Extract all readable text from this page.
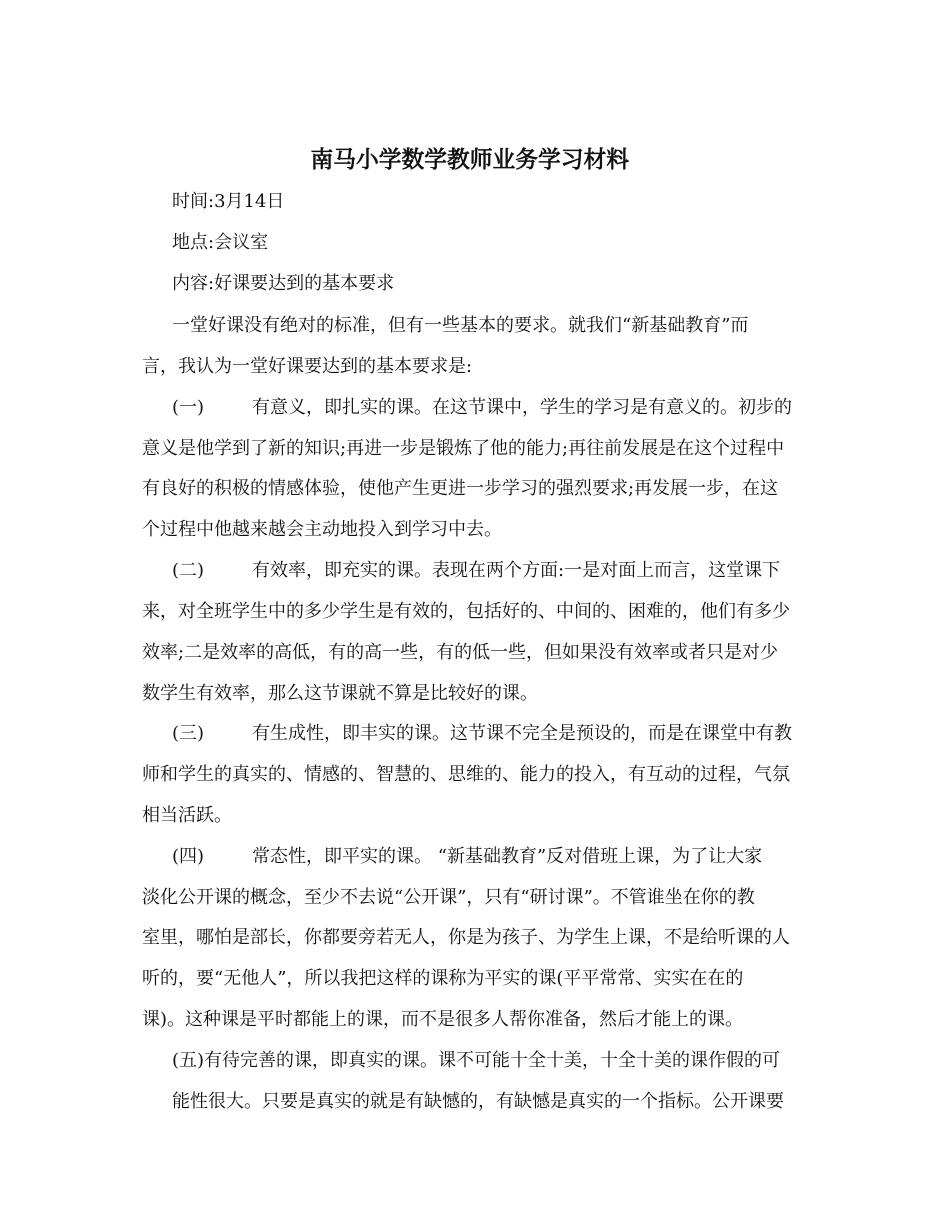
南马小学数学教师业务学习材料
时间:3月14日
地点:会议室
内容:好课要达到的基本要求
一堂好课没有绝对的标准，但有一些基本的要求。就我们“新基础教育”而
言，我认为一堂好课要达到的基本要求是:
(一)	有意义，即扎实的课。在这节课中，学生的学习是有意义的。初步的
意义是他学到了新的知识;再进一步是锻炼了他的能力;再往前发展是在这个过程中
有良好的积极的情感体验，使他产生更进一步学习的强烈要求;再发展一步，在这
个过程中他越来越会主动地投入到学习中去。
(二)	有效率，即充实的课。表现在两个方面:一是对面上而言，这堂课下
来，对全班学生中的多少学生是有效的，包括好的、中间的、困难的，他们有多少
效率;二是效率的高低，有的高一些，有的低一些，但如果没有效率或者只是对少
数学生有效率，那么这节课就不算是比较好的课。
(三)	有生成性，即丰实的课。这节课不完全是预设的，而是在课堂中有教
师和学生的真实的、情感的、智慧的、思维的、能力的投入，有互动的过程，气氛
相当活跃。
(四)	常态性，即平实的课。 “新基础教育”反对借班上课，为了让大家
淡化公开课的概念，至少不去说“公开课”，只有“研讨课”。不管谁坐在你的教
室里，哪怕是部长，你都要旁若无人，你是为孩子、为学生上课，不是给听课的人
听的，要“无他人”，所以我把这样的课称为平实的课(平平常常、实实在在的
课)。这种课是平时都能上的课，而不是很多人帮你准备，然后才能上的课。
(五)有待完善的课，即真实的课。课不可能十全十美，十全十美的课作假的可
能性很大。只要是真实的就是有缺憾的，有缺憾是真实的一个指标。公开课要
